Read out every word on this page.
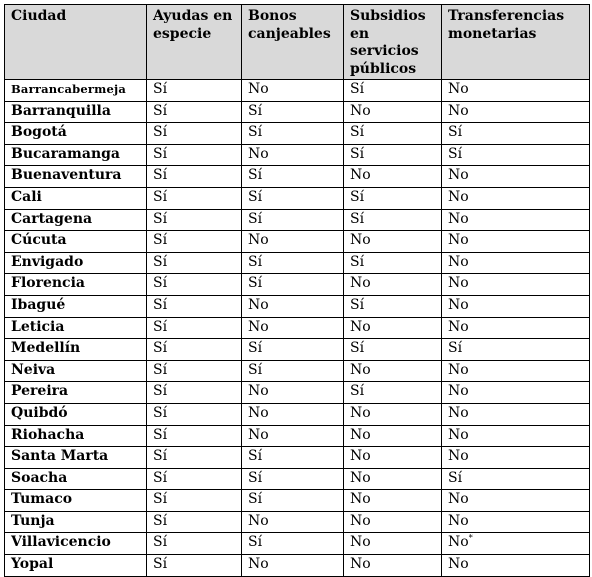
Ciudad	Ayudas en especie	Bonos canjeables	Subsidios en servicios públicos	Transferencias monetarias
Barrancabermeja	Sí	No	Sí	No
Barranquilla	Sí	Sí	No	No
Bogotá	Sí	Sí	Sí	Sí
Bucaramanga	Sí	No	Sí	Sí
Buenaventura	Sí	Sí	No	No
Cali	Sí	Sí	Sí	No
Cartagena	Sí	Sí	Sí	No
Cúcuta	Sí	No	No	No
Envigado	Sí	Sí	Sí	No
Florencia	Sí	Sí	No	No
Ibagué	Sí	No	Sí	No
Leticia	Sí	No	No	No
Medellín	Sí	Sí	Sí	Sí
Neiva	Sí	Sí	No	No
Pereira	Sí	No	Sí	No
Quibdó	Sí	No	No	No
Riohacha	Sí	No	No	No
Santa Marta	Sí	Sí	No	No
Soacha	Sí	Sí	No	Sí
Tumaco	Sí	Sí	No	No
Tunja	Sí	No	No	No
Villavicencio	Sí	Sí	No	No*
Yopal	Sí	No	No	No
